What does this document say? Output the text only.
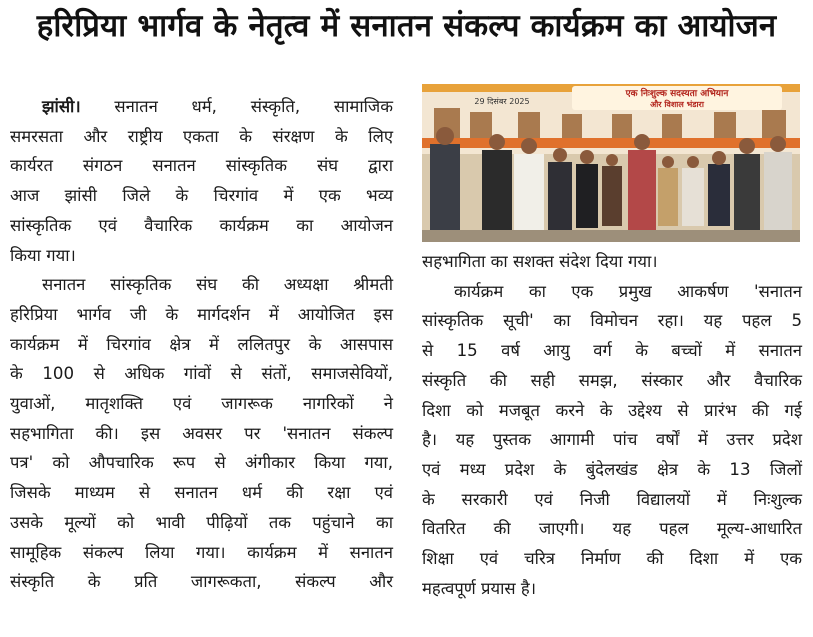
हरिप्रिया भार्गव के नेतृत्व में सनातन संकल्प कार्यक्रम का आयोजन

झांसी। सनातन धर्म, संस्कृति, सामाजिक

समरसता और राष्ट्रीय एकता के संरक्षण के लिए

कार्यरत संगठन सनातन सांस्कृतिक संघ द्वारा

आज झांसी जिले के चिरगांव में एक भव्य

सांस्कृतिक एवं वैचारिक कार्यक्रम का आयोजन

किया गया।

सनातन सांस्कृतिक संघ की अध्यक्षा श्रीमती

हरिप्रिया भार्गव जी के मार्गदर्शन में आयोजित इस

कार्यक्रम में चिरगांव क्षेत्र में ललितपुर के आसपास

के 100 से अधिक गांवों से संतों, समाजसेवियों,

युवाओं, मातृशक्ति एवं जागरूक नागरिकों ने

सहभागिता की। इस अवसर पर 'सनातन संकल्प

पत्र' को औपचारिक रूप से अंगीकार किया गया,

जिसके माध्यम से सनातन धर्म की रक्षा एवं

उसके मूल्यों को भावी पीढ़ियों तक पहुंचाने का

सामूहिक संकल्प लिया गया। कार्यक्रम में सनातन

संस्कृति के प्रति जागरूकता, संकल्प और

एक निःशुल्क सदस्यता अभियान
और विशाल भंडारा
29 दिसंबर 2025

सहभागिता का सशक्त संदेश दिया गया।

कार्यक्रम का एक प्रमुख आकर्षण 'सनातन

सांस्कृतिक सूची' का विमोचन रहा। यह पहल 5

से 15 वर्ष आयु वर्ग के बच्चों में सनातन

संस्कृति की सही समझ, संस्कार और वैचारिक

दिशा को मजबूत करने के उद्देश्य से प्रारंभ की गई

है। यह पुस्तक आगामी पांच वर्षों में उत्तर प्रदेश

एवं मध्य प्रदेश के बुंदेलखंड क्षेत्र के 13 जिलों

के सरकारी एवं निजी विद्यालयों में निःशुल्क

वितरित की जाएगी। यह पहल मूल्य-आधारित

शिक्षा एवं चरित्र निर्माण की दिशा में एक

महत्वपूर्ण प्रयास है।
